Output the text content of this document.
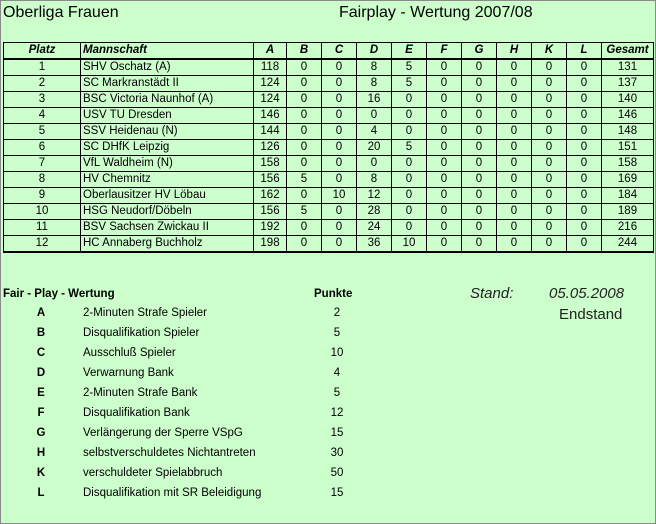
Oberliga Frauen	Fairplay - Wertung 2007/08
Platz	Mannschaft	A	B	C	D	E	F	G	H	K	L	Gesamt
1	SHV Oschatz (A)	118	0	0	8	5	0	0	0	0	0	131
2	SC Markranstädt II	124	0	0	8	5	0	0	0	0	0	137
3	BSC Victoria Naunhof (A)	124	0	0	16	0	0	0	0	0	0	140
4	USV TU Dresden	146	0	0	0	0	0	0	0	0	0	146
5	SSV Heidenau (N)	144	0	0	4	0	0	0	0	0	0	148
6	SC DHfK Leipzig	126	0	0	20	5	0	0	0	0	0	151
7	VfL Waldheim (N)	158	0	0	0	0	0	0	0	0	0	158
8	HV Chemnitz	156	5	0	8	0	0	0	0	0	0	169
9	Oberlausitzer HV Löbau	162	0	10	12	0	0	0	0	0	0	184
10	HSG Neudorf/Döbeln	156	5	0	28	0	0	0	0	0	0	189
11	BSV Sachsen Zwickau II	192	0	0	24	0	0	0	0	0	0	216
12	HC Annaberg Buchholz	198	0	0	36	10	0	0	0	0	0	244
Fair - Play - Wertung	Punkte
A	2-Minuten Strafe Spieler	2
B	Disqualifikation Spieler	5
C	Ausschluß Spieler	10
D	Verwarnung Bank	4
E	2-Minuten Strafe Bank	5
F	Disqualifikation Bank	12
G	Verlängerung der Sperre VSpG	15
H	selbstverschuldetes Nichtantreten	30
K	verschuldeter Spielabbruch	50
L	Disqualifikation mit SR Beleidigung	15
Stand: 05.05.2008
Endstand
